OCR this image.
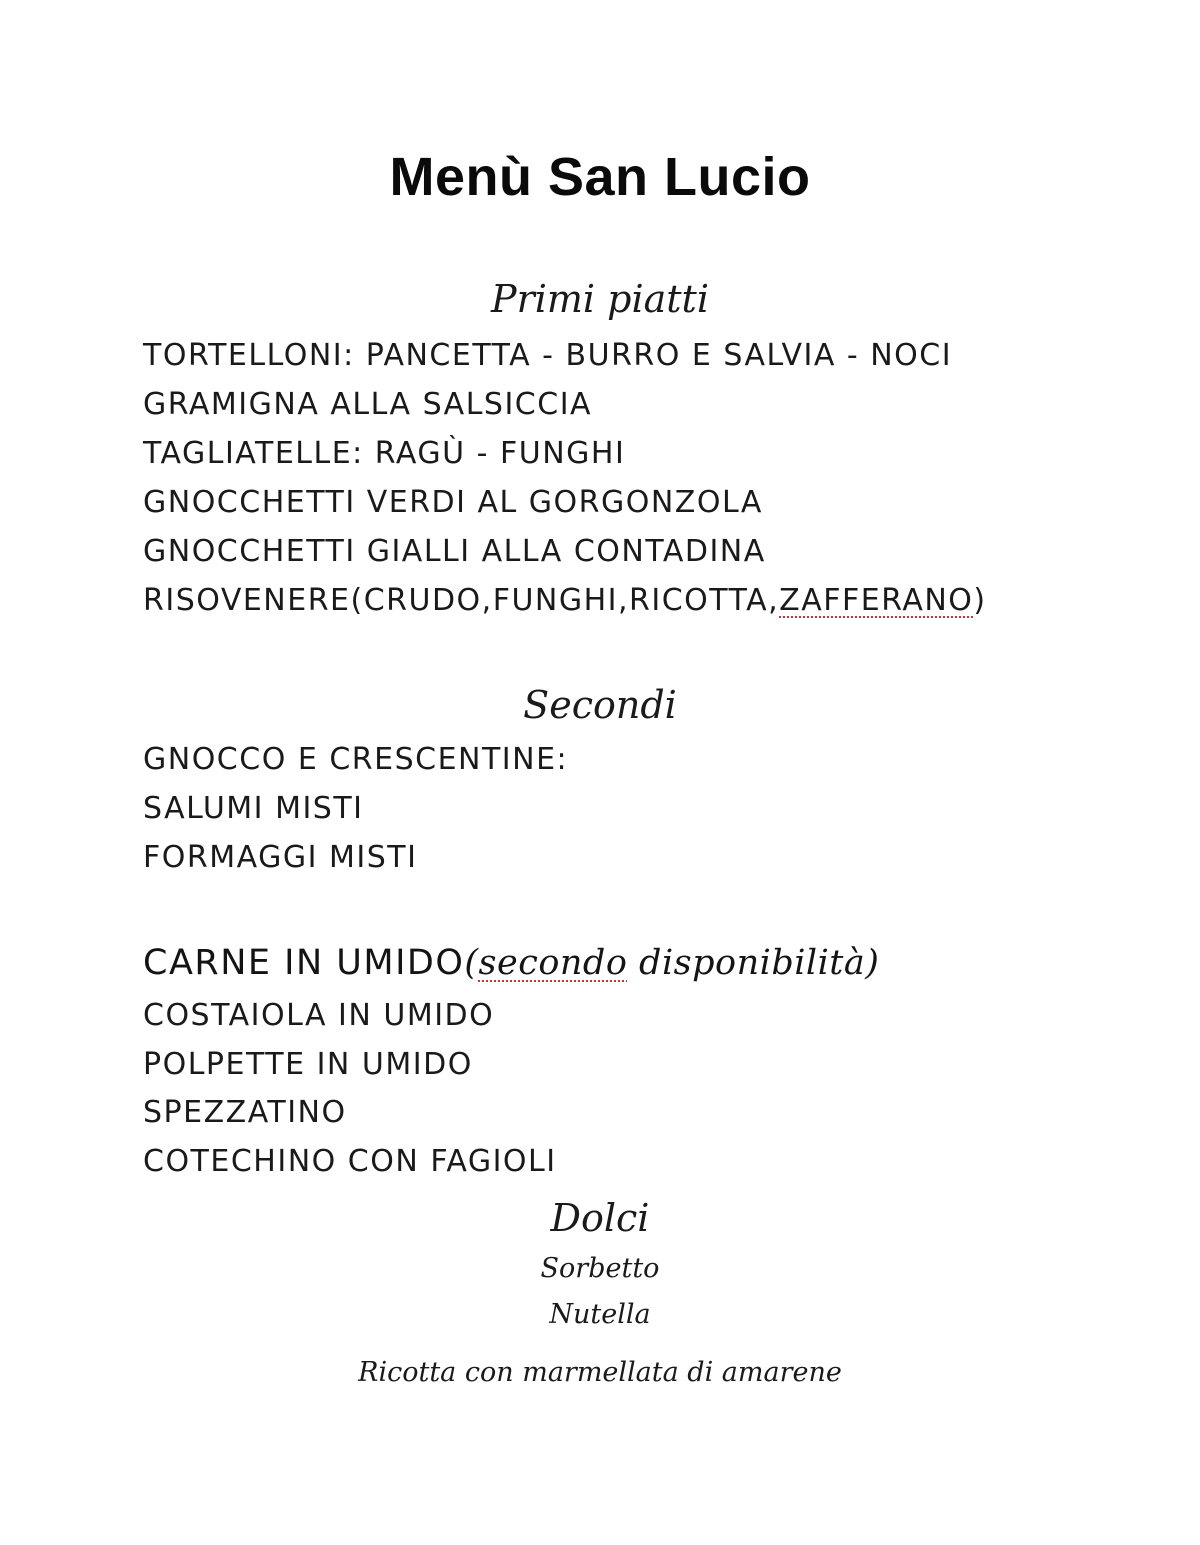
Menù San Lucio
Primi piatti
TORTELLONI: PANCETTA - BURRO E SALVIA - NOCI
GRAMIGNA ALLA SALSICCIA
TAGLIATELLE: RAGÙ - FUNGHI
GNOCCHETTI VERDI AL GORGONZOLA
GNOCCHETTI GIALLI ALLA CONTADINA
RISOVENERE(CRUDO,FUNGHI,RICOTTA,ZAFFERANO)
Secondi
GNOCCO E CRESCENTINE:
SALUMI MISTI
FORMAGGI MISTI
CARNE IN UMIDO(secondo disponibilità)
COSTAIOLA IN UMIDO
POLPETTE IN UMIDO
SPEZZATINO
COTECHINO CON FAGIOLI
Dolci
Sorbetto
Nutella
Ricotta con marmellata di amarene
